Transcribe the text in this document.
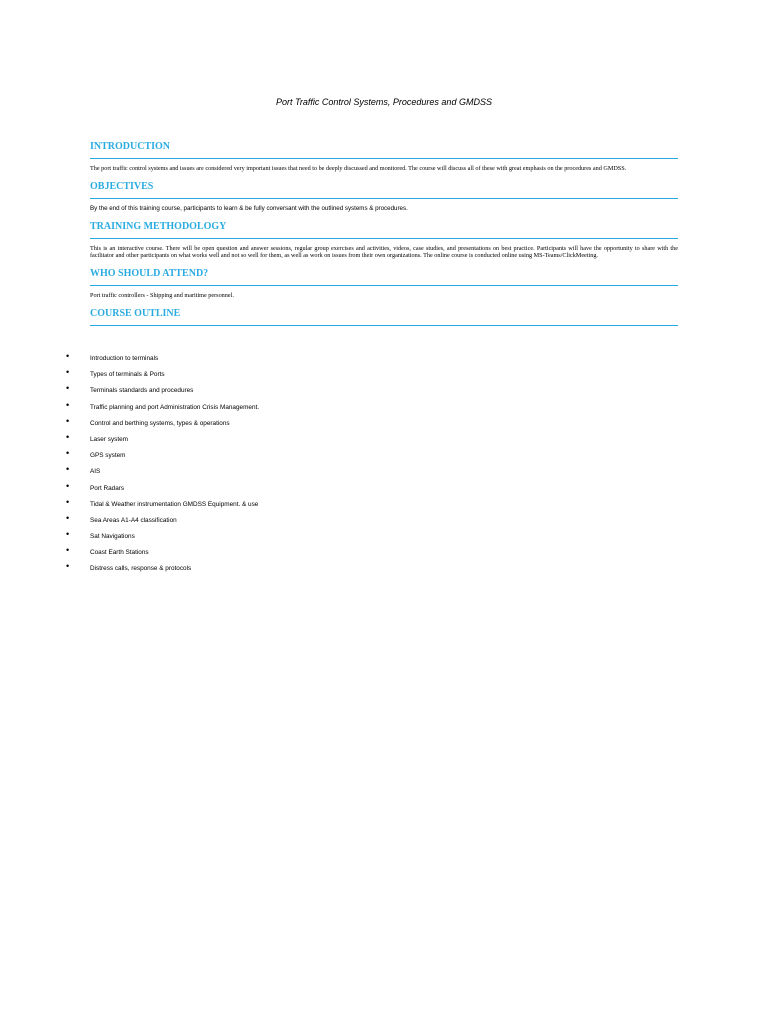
Port Traffic Control Systems, Procedures and GMDSS
INTRODUCTION

The port traffic control systems and issues are considered very important issues that need to be deeply discussed and monitored. The course will discuss all of these with great emphasis on the procedures and GMDSS.

OBJECTIVES

By the end of this training course, participants to learn & be fully conversant with the outlined systems & procedures.

TRAINING METHODOLOGY

This is an interactive course. There will be open question and answer sessions, regular group exercises and activities, videos, case studies, and presentations on best practice. Participants will have the opportunity to share with the facilitator and other participants on what works well and not so well for them, as well as work on issues from their own organizations. The online course is conducted online using MS-Teams/ClickMeeting.

WHO SHOULD ATTEND?

Port traffic controllers - Shipping and maritime personnel.

COURSE OUTLINE
•	Introduction to terminals
•	Types of terminals & Ports
•	Terminals standards and procedures
•	Traffic planning and port Administration Crisis Management.
•	Control and berthing systems, types & operations
•	Laser system
•	GPS system
•	AIS
•	Port Radars
•	Tidal & Weather instrumentation GMDSS Equipment. & use
•	Sea Areas A1-A4 classification
•	Sat Navigations
•	Coast Earth Stations
•	Distress calls, response & protocols
